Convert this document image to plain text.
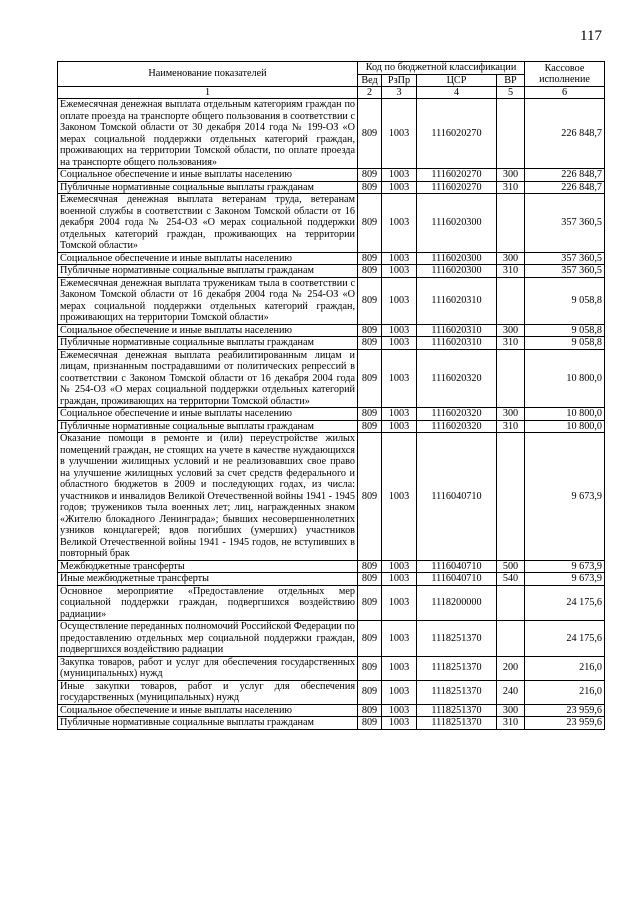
117
Наименование показателей	Код по бюджетной классификации				Кассовое исполнение
	Вед	РзПр	ЦСР	ВР	
1	2	3	4	5	6
Ежемесячная денежная выплата отдельным категориям граждан по оплате проезда на транспорте общего пользования в соответствии с Законом Томской области от 30 декабря 2014 года № 199-ОЗ «О мерах социальной поддержки отдельных категорий граждан, проживающих на территории Томской области, по оплате проезда на транспорте общего пользования»	809	1003	1116020270		226 848,7
Социальное обеспечение и иные выплаты населению	809	1003	1116020270	300	226 848,7
Публичные нормативные социальные выплаты гражданам	809	1003	1116020270	310	226 848,7
Ежемесячная денежная выплата ветеранам труда, ветеранам военной службы в соответствии с Законом Томской области от 16 декабря 2004 года № 254-ОЗ «О мерах социальной поддержки отдельных категорий граждан, проживающих на территории Томской области»	809	1003	1116020300		357 360,5
Социальное обеспечение и иные выплаты населению	809	1003	1116020300	300	357 360,5
Публичные нормативные социальные выплаты гражданам	809	1003	1116020300	310	357 360,5
Ежемесячная денежная выплата труженикам тыла в соответствии с Законом Томской области от 16 декабря 2004 года № 254-ОЗ «О мерах социальной поддержки отдельных категорий граждан, проживающих на территории Томской области»	809	1003	1116020310		9 058,8
Социальное обеспечение и иные выплаты населению	809	1003	1116020310	300	9 058,8
Публичные нормативные социальные выплаты гражданам	809	1003	1116020310	310	9 058,8
Ежемесячная денежная выплата реабилитированным лицам и лицам, признанным пострадавшими от политических репрессий в соответствии с Законом Томской области от 16 декабря 2004 года № 254-ОЗ «О мерах социальной поддержки отдельных категорий граждан, проживающих на территории Томской области»	809	1003	1116020320		10 800,0
Социальное обеспечение и иные выплаты населению	809	1003	1116020320	300	10 800,0
Публичные нормативные социальные выплаты гражданам	809	1003	1116020320	310	10 800,0
Оказание помощи в ремонте и (или) переустройстве жилых помещений граждан, не стоящих на учете в качестве нуждающихся в улучшении жилищных условий и не реализовавших свое право на улучшение жилищных условий за счет средств федерального и областного бюджетов в 2009 и последующих годах, из числа: участников и инвалидов Великой Отечественной войны 1941 - 1945 годов; тружеников тыла военных лет; лиц, награжденных знаком «Жителю блокадного Ленинграда»; бывших несовершеннолетних узников концлагерей; вдов погибших (умерших) участников Великой Отечественной войны 1941 - 1945 годов, не вступивших в повторный брак	809	1003	1116040710		9 673,9
Межбюджетные трансферты	809	1003	1116040710	500	9 673,9
Иные межбюджетные трансферты	809	1003	1116040710	540	9 673,9
Основное мероприятие «Предоставление отдельных мер социальной поддержки граждан, подвергшихся воздействию радиации»	809	1003	1118200000		24 175,6
Осуществление переданных полномочий Российской Федерации по предоставлению отдельных мер социальной поддержки граждан, подвергшихся воздействию радиации	809	1003	1118251370		24 175,6
Закупка товаров, работ и услуг для обеспечения государственных (муниципальных) нужд	809	1003	1118251370	200	216,0
Иные закупки товаров, работ и услуг для обеспечения государственных (муниципальных) нужд	809	1003	1118251370	240	216,0
Социальное обеспечение и иные выплаты населению	809	1003	1118251370	300	23 959,6
Публичные нормативные социальные выплаты гражданам	809	1003	1118251370	310	23 959,6
